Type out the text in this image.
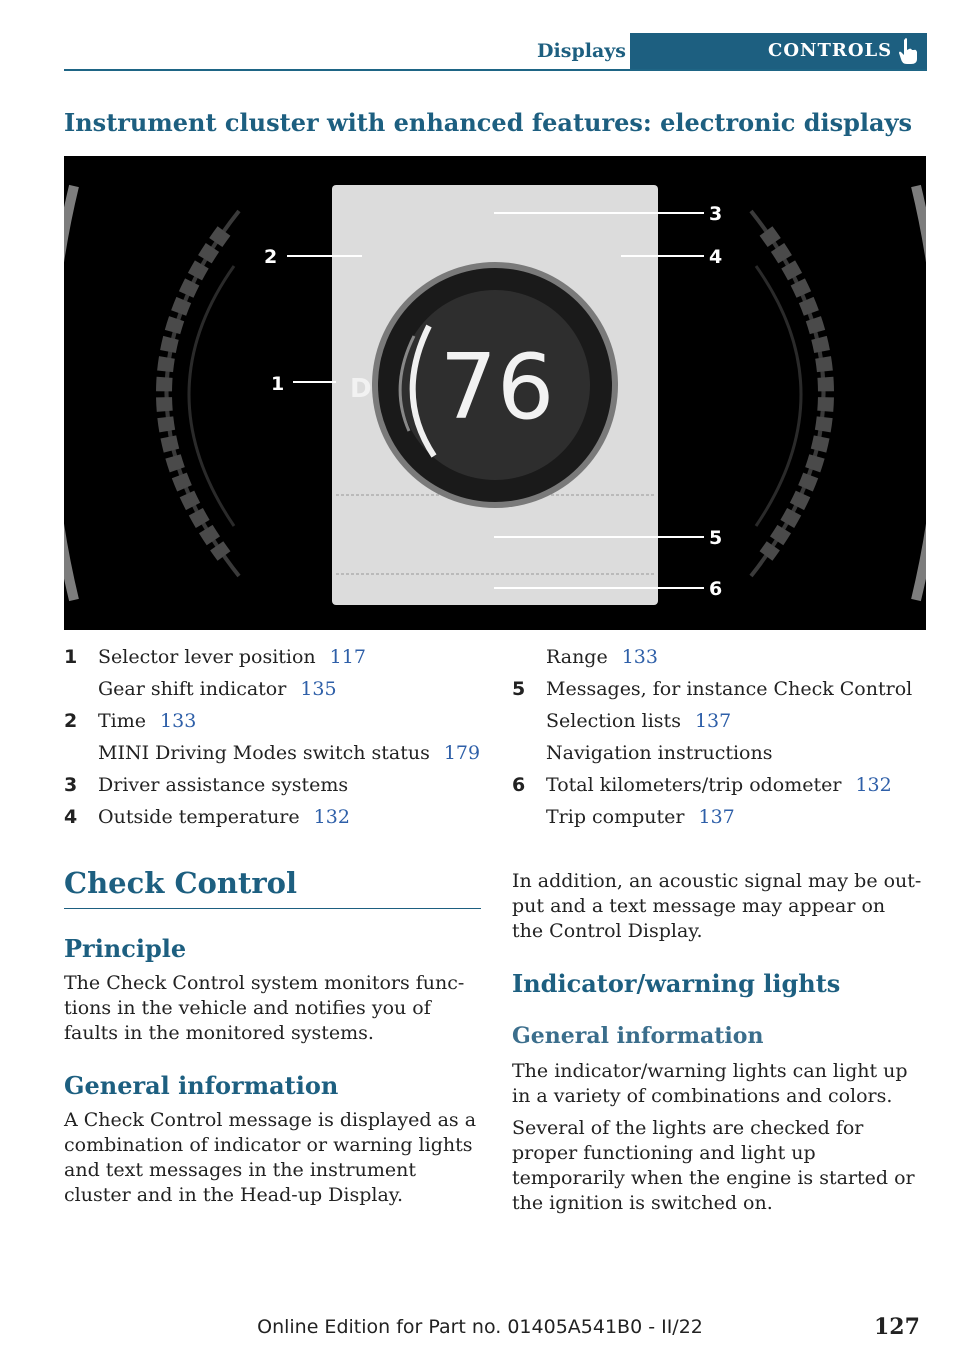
Displays	CONTROLS
Instrument cluster with enhanced features: electronic displays
76
D
1
2
3
4
5
6
1 Selector lever position 117
Gear shift indicator 135
2 Time 133
MINI Driving Modes switch status 179
3 Driver assistance systems
4 Outside temperature 132
Range 133
5 Messages, for instance Check Control
Selection lists 137
Navigation instructions
6 Total kilometers/trip odometer 132
Trip computer 137
Check Control
Principle
The Check Control system monitors func-tions in the vehicle and notifies you of faults in the monitored systems.
General information
A Check Control message is displayed as a combination of indicator or warning lights and text messages in the instrument cluster and in the Head-up Display.
In addition, an acoustic signal may be out-put and a text message may appear on the Control Display.
Indicator/warning lights
General information
The indicator/warning lights can light up in a variety of combinations and colors.
Several of the lights are checked for proper functioning and light up temporarily when the engine is started or the ignition is switched on.
Online Edition for Part no. 01405A541B0 - II/22	127
